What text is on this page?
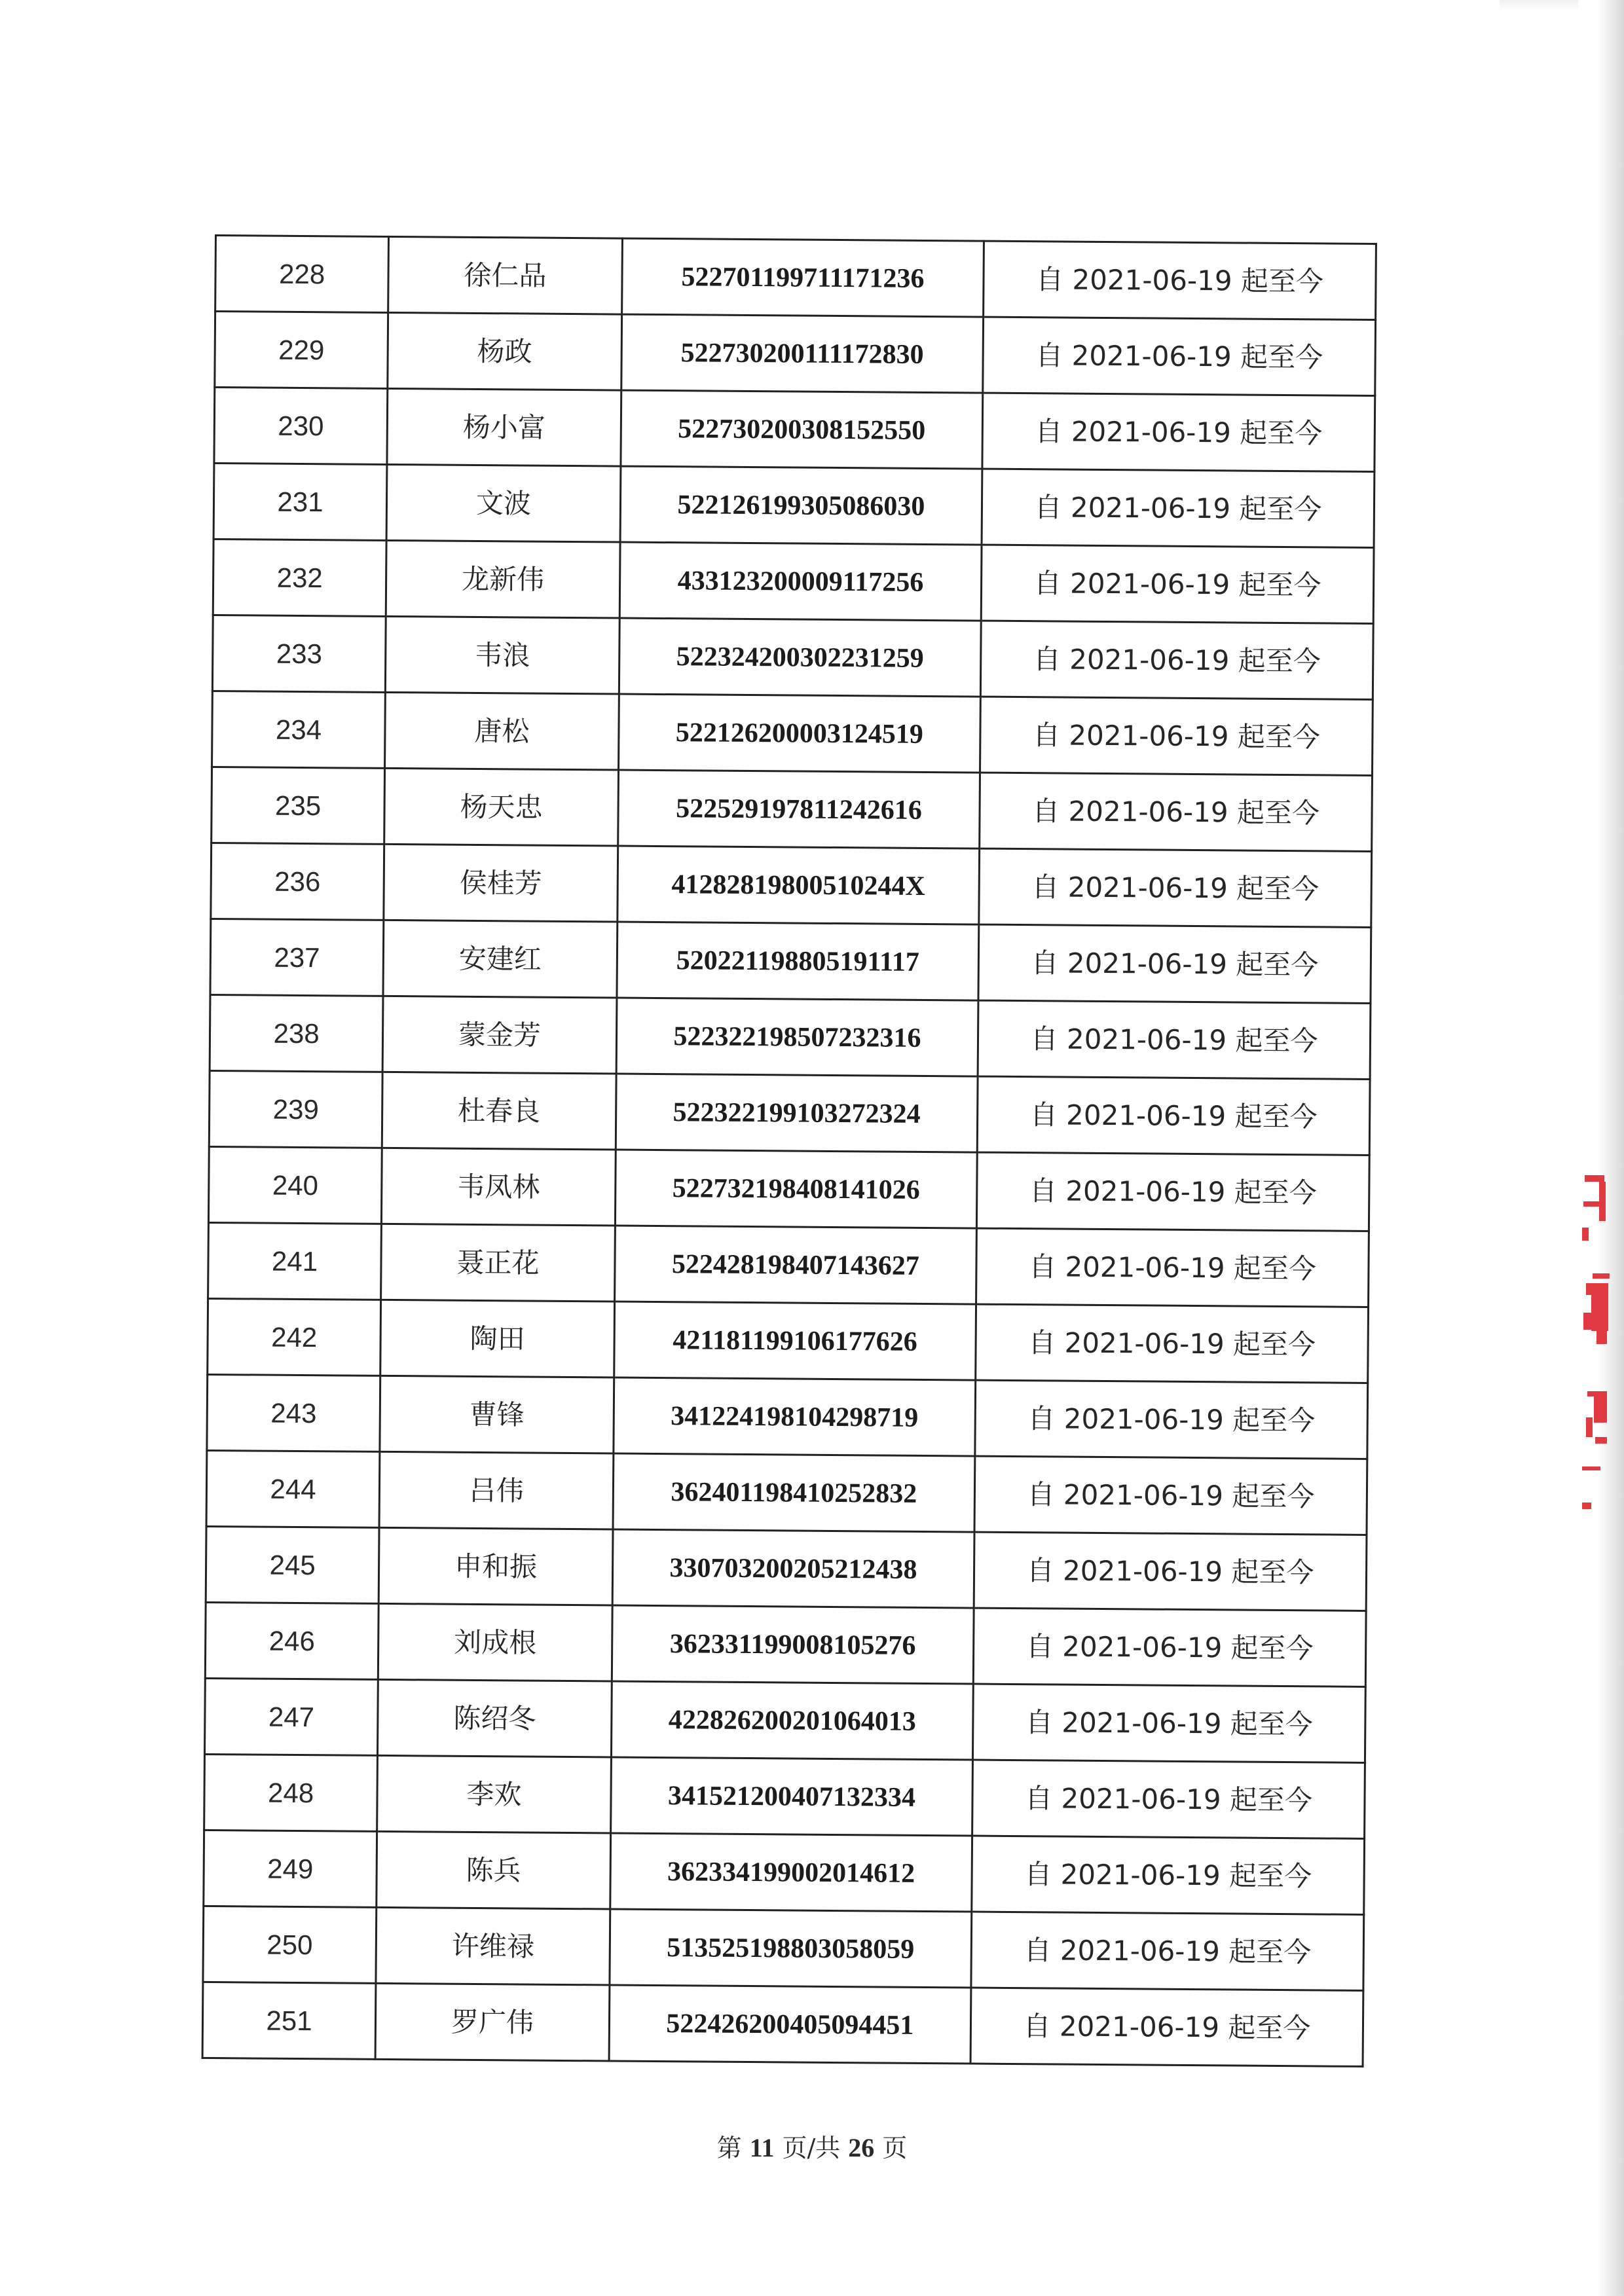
228	徐仁品	522701199711171236	自 2021-06-19 起至今
229	杨政	522730200111172830	自 2021-06-19 起至今
230	杨小富	522730200308152550	自 2021-06-19 起至今
231	文波	522126199305086030	自 2021-06-19 起至今
232	龙新伟	433123200009117256	自 2021-06-19 起至今
233	韦浪	522324200302231259	自 2021-06-19 起至今
234	唐松	522126200003124519	自 2021-06-19 起至今
235	杨天忠	522529197811242616	自 2021-06-19 起至今
236	侯桂芳	41282819800510244X	自 2021-06-19 起至今
237	安建红	520221198805191117	自 2021-06-19 起至今
238	蒙金芳	522322198507232316	自 2021-06-19 起至今
239	杜春良	522322199103272324	自 2021-06-19 起至今
240	韦凤林	522732198408141026	自 2021-06-19 起至今
241	聂正花	522428198407143627	自 2021-06-19 起至今
242	陶田	421181199106177626	自 2021-06-19 起至今
243	曹锋	341224198104298719	自 2021-06-19 起至今
244	吕伟	362401198410252832	自 2021-06-19 起至今
245	申和振	330703200205212438	自 2021-06-19 起至今
246	刘成根	362331199008105276	自 2021-06-19 起至今
247	陈绍冬	422826200201064013	自 2021-06-19 起至今
248	李欢	341521200407132334	自 2021-06-19 起至今
249	陈兵	362334199002014612	自 2021-06-19 起至今
250	许维禄	513525198803058059	自 2021-06-19 起至今
251	罗广伟	522426200405094451	自 2021-06-19 起至今
第 11 页/共 26 页
